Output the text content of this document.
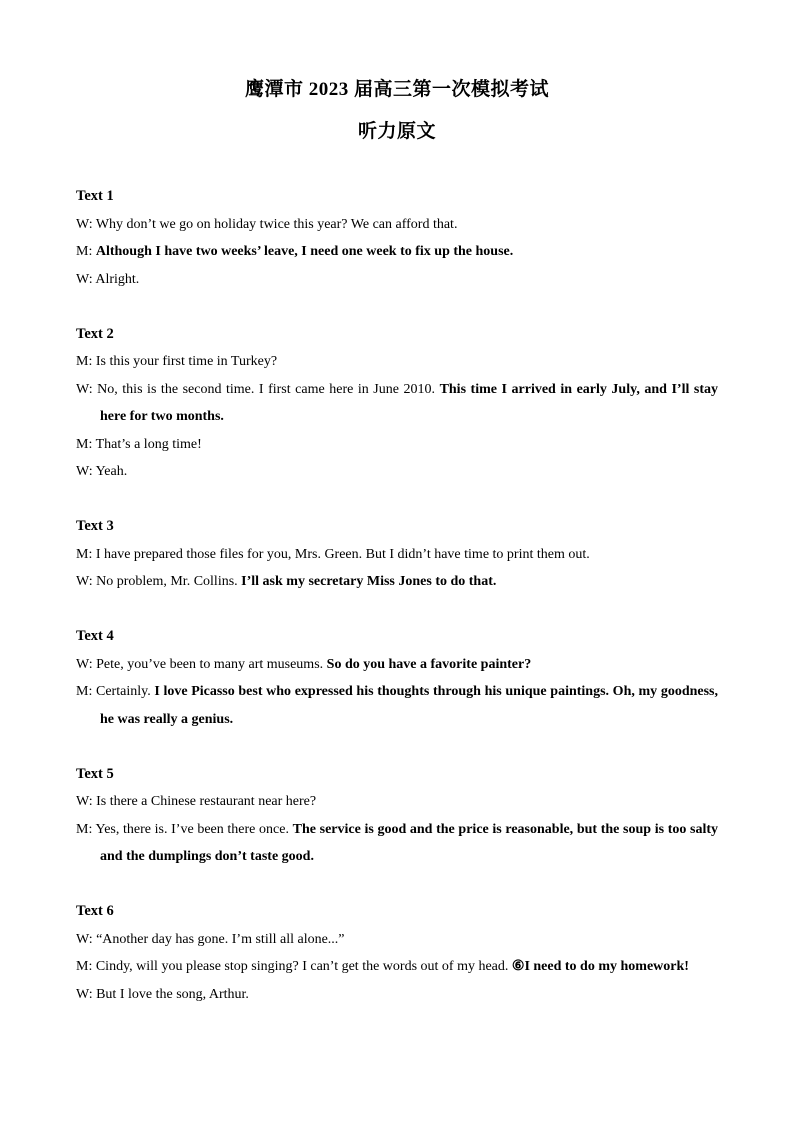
鹰潭市 2023 届高三第一次模拟考试
听力原文
Text 1
W: Why don’t we go on holiday twice this year? We can afford that.
M: Although I have two weeks’ leave, I need one week to fix up the house.
W: Alright.
Text 2
M: Is this your first time in Turkey?
W: No, this is the second time. I first came here in June 2010. This time I arrived in early July, and I’ll stay here for two months.
M: That’s a long time!
W: Yeah.
Text 3
M: I have prepared those files for you, Mrs. Green. But I didn’t have time to print them out.
W: No problem, Mr. Collins. I’ll ask my secretary Miss Jones to do that.
Text 4
W: Pete, you’ve been to many art museums. So do you have a favorite painter?
M: Certainly. I love Picasso best who expressed his thoughts through his unique paintings. Oh, my goodness, he was really a genius.
Text 5
W: Is there a Chinese restaurant near here?
M: Yes, there is. I’ve been there once. The service is good and the price is reasonable, but the soup is too salty and the dumplings don’t taste good.
Text 6
W: “Another day has gone. I’m still all alone...”
M: Cindy, will you please stop singing? I can’t get the words out of my head. ⑥I need to do my homework!
W: But I love the song, Arthur.
